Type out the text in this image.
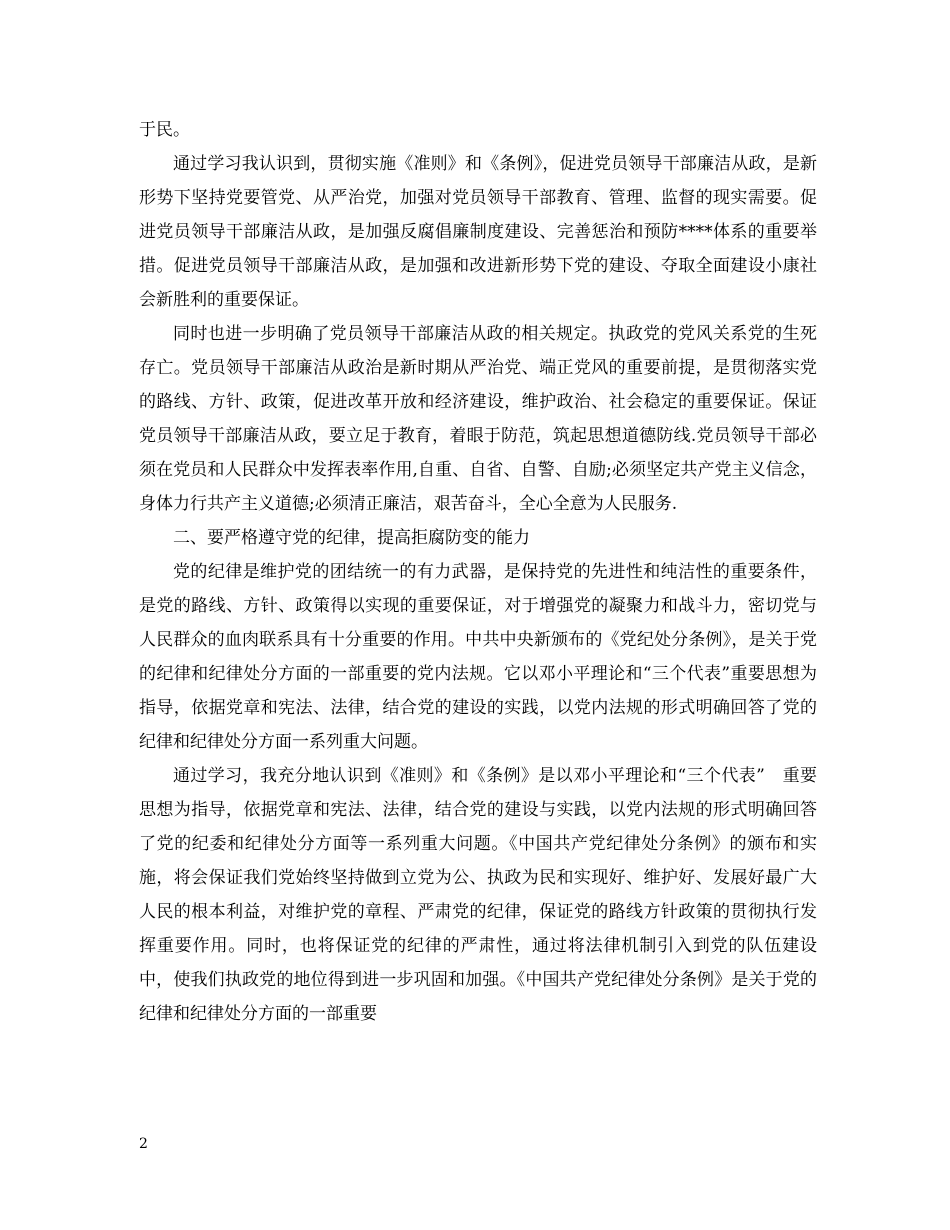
于民。

通过学习我认识到，贯彻实施《准则》和《条例》，促进党员领导干部廉洁从政，是新形势下坚持党要管党、从严治党，加强对党员领导干部教育、管理、监督的现实需要。促进党员领导干部廉洁从政，是加强反腐倡廉制度建设、完善惩治和预防****体系的重要举措。促进党员领导干部廉洁从政，是加强和改进新形势下党的建设、夺取全面建设小康社会新胜利的重要保证。

同时也进一步明确了党员领导干部廉洁从政的相关规定。执政党的党风关系党的生死存亡。党员领导干部廉洁从政治是新时期从严治党、端正党风的重要前提，是贯彻落实党的路线、方针、政策，促进改革开放和经济建设，维护政治、社会稳定的重要保证。保证党员领导干部廉洁从政，要立足于教育，着眼于防范，筑起思想道德防线.党员领导干部必须在党员和人民群众中发挥表率作用,自重、自省、自警、自励;必须坚定共产党主义信念，身体力行共产主义道德;必须清正廉洁，艰苦奋斗，全心全意为人民服务.

二、要严格遵守党的纪律，提高拒腐防变的能力

党的纪律是维护党的团结统一的有力武器，是保持党的先进性和纯洁性的重要条件，是党的路线、方针、政策得以实现的重要保证，对于增强党的凝聚力和战斗力，密切党与人民群众的血肉联系具有十分重要的作用。中共中央新颁布的《党纪处分条例》，是关于党的纪律和纪律处分方面的一部重要的党内法规。它以邓小平理论和“三个代表”重要思想为指导，依据党章和宪法、法律，结合党的建设的实践，以党内法规的形式明确回答了党的纪律和纪律处分方面一系列重大问题。

通过学习，我充分地认识到《准则》和《条例》是以邓小平理论和“三个代表”　重要思想为指导，依据党章和宪法、法律，结合党的建设与实践，以党内法规的形式明确回答了党的纪委和纪律处分方面等一系列重大问题。《中国共产党纪律处分条例》的颁布和实施，将会保证我们党始终坚持做到立党为公、执政为民和实现好、维护好、发展好最广大人民的根本利益，对维护党的章程、严肃党的纪律，保证党的路线方针政策的贯彻执行发挥重要作用。同时，也将保证党的纪律的严肃性，通过将法律机制引入到党的队伍建设中，使我们执政党的地位得到进一步巩固和加强。《中国共产党纪律处分条例》是关于党的纪律和纪律处分方面的一部重要

2
